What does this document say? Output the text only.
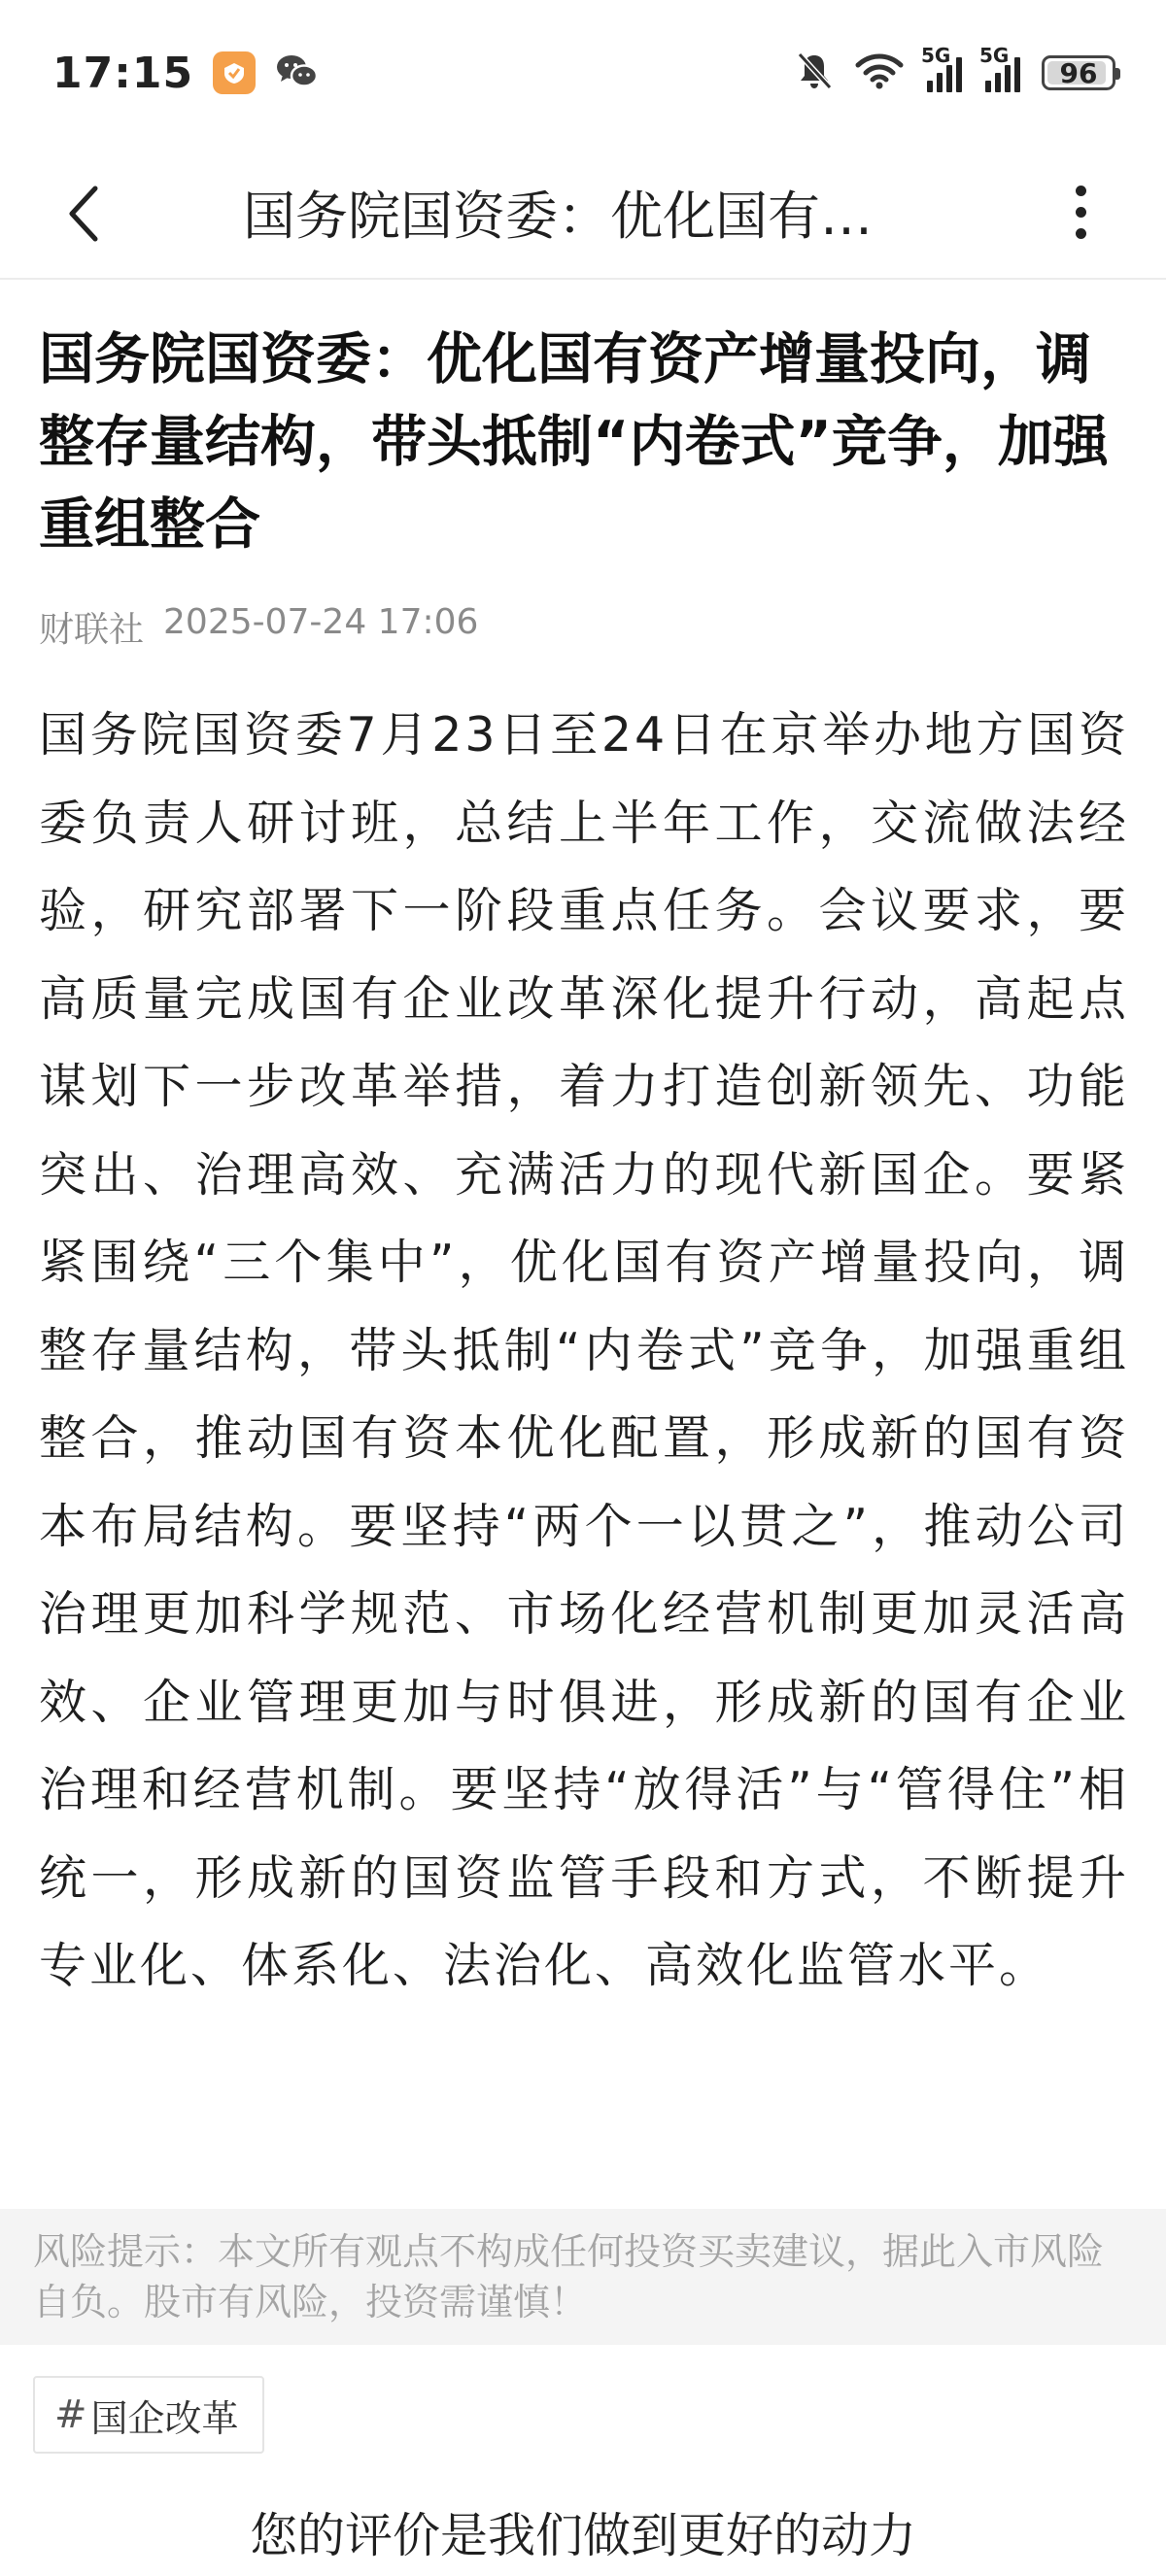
17:15	5G 5G
96
国务院国资委：优化国有…
国务院国资委：优化国有资产增量投向，调整存量结构，带头抵制“内卷式”竞争，加强重组整合
财联社 2025-07-24 17:06

国务院国资委7月23日至24日在京举办地方国资委负责人研讨班，总结上半年工作，交流做法经验，研究部署下一阶段重点任务。会议要求，要高质量完成国有企业改革深化提升行动，高起点谋划下一步改革举措，着力打造创新领先、功能突出、治理高效、充满活力的现代新国企。要紧紧围绕“三个集中”，优化国有资产增量投向，调整存量结构，带头抵制“内卷式”竞争，加强重组整合，推动国有资本优化配置，形成新的国有资本布局结构。要坚持“两个一以贯之”，推动公司治理更加科学规范、市场化经营机制更加灵活高效、企业管理更加与时俱进，形成新的国有企业治理和经营机制。要坚持“放得活”与“管得住”相统一，形成新的国资监管手段和方式，不断提升专业化、体系化、法治化、高效化监管水平。

风险提示：本文所有观点不构成任何投资买卖建议，据此入市风险自负。股市有风险，投资需谨慎！

# 国企改革
您的评价是我们做到更好的动力
